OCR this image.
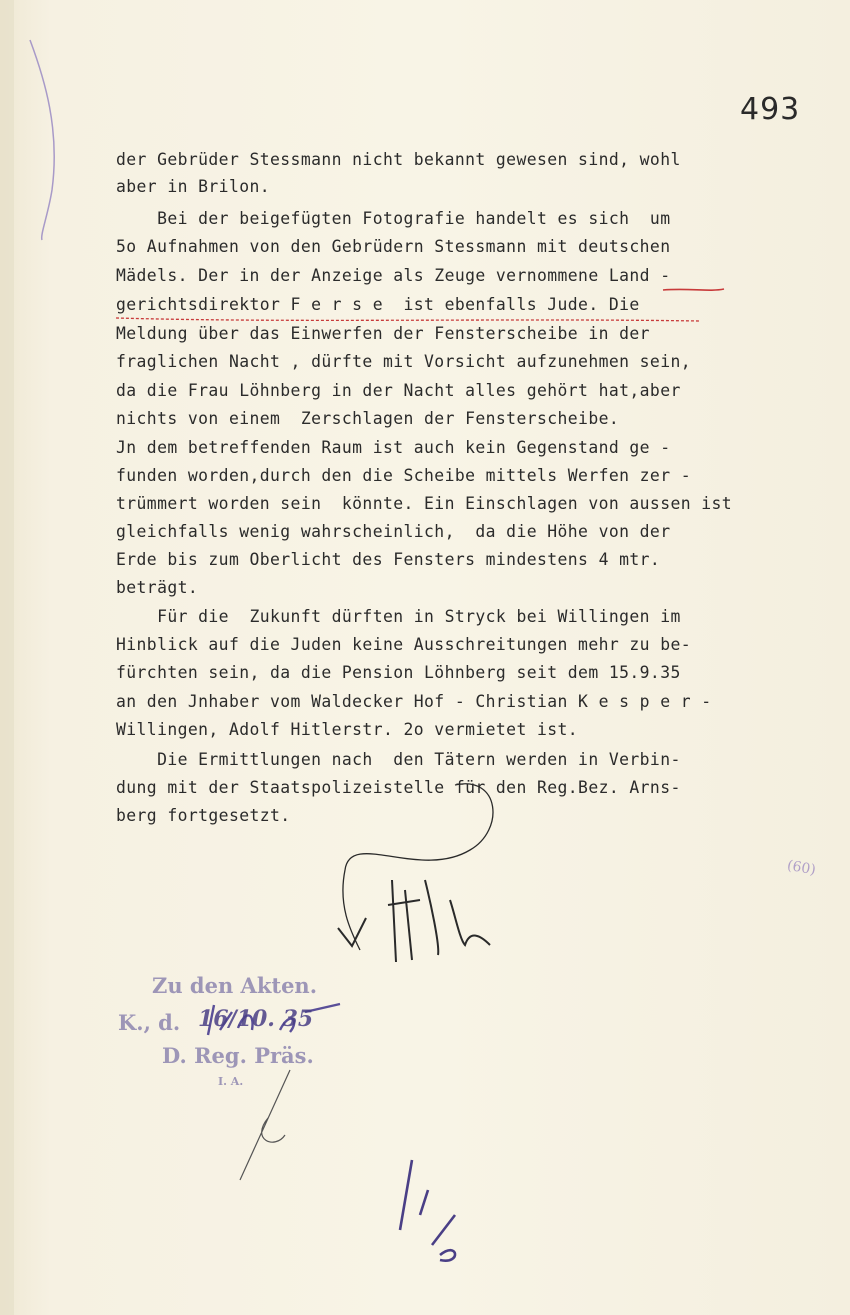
493
der Gebrüder Stessmann nicht bekannt gewesen sind, wohl
aber in Brilon.
Bei der beigefügten Fotografie handelt es sich  um
5o Aufnahmen von den Gebrüdern Stessmann mit deutschen
Mädels. Der in der Anzeige als Zeuge vernommene Land -
gerichtsdirektor F e r s e  ist ebenfalls Jude. Die
Meldung über das Einwerfen der Fensterscheibe in der
fraglichen Nacht , dürfte mit Vorsicht aufzunehmen sein,
da die Frau Löhnberg in der Nacht alles gehört hat,aber
nichts von einem  Zerschlagen der Fensterscheibe.
Jn dem betreffenden Raum ist auch kein Gegenstand ge -
funden worden,durch den die Scheibe mittels Werfen zer -
trümmert worden sein  könnte. Ein Einschlagen von aussen ist
gleichfalls wenig wahrscheinlich,  da die Höhe von der
Erde bis zum Oberlicht des Fensters mindestens 4 mtr.
beträgt.
Für die  Zukunft dürften in Stryck bei Willingen im
Hinblick auf die Juden keine Ausschreitungen mehr zu be-
fürchten sein, da die Pension Löhnberg seit dem 15.9.35
an den Jnhaber vom Waldecker Hof - Christian K e s p e r -
Willingen, Adolf Hitlerstr. 2o vermietet ist.
Die Ermittlungen nach  den Tätern werden in Verbin-
dung mit der Staatspolizeistelle für den Reg.Bez. Arns-
berg fortgesetzt.
(60)
Zu den Akten.
K., d. 16/10. 35
D. Reg. Präs.
I. A.
